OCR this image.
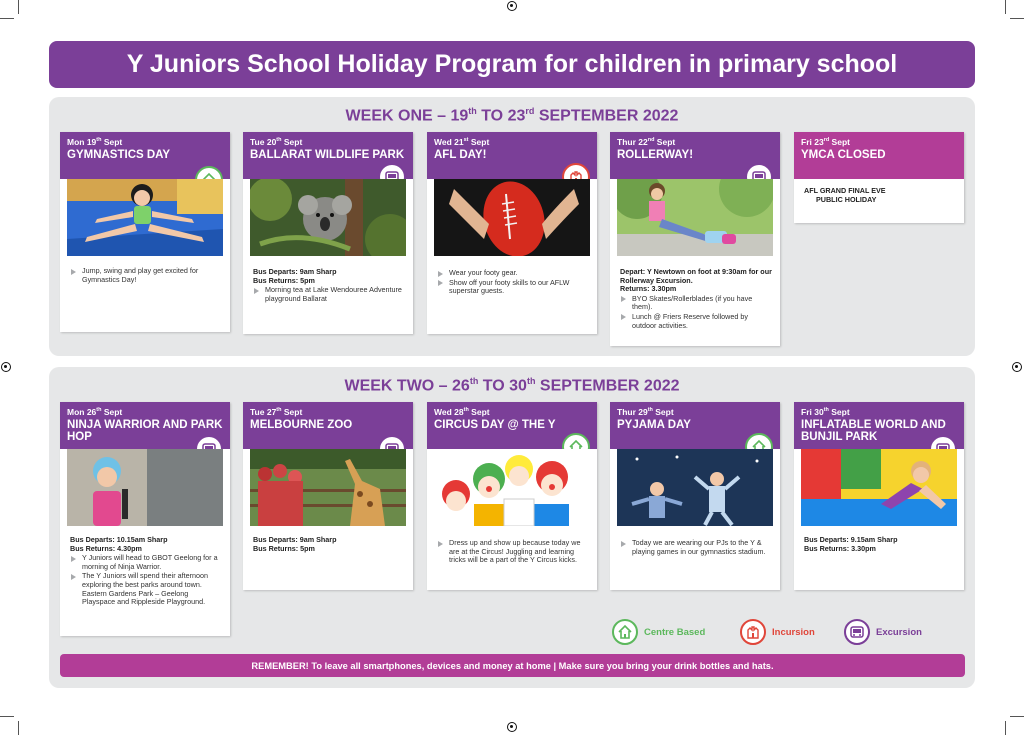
Y Juniors School Holiday Program for children in primary school
WEEK ONE – 19th TO 23rd SEPTEMBER 2022
Mon 19th Sept
GYMNASTICS DAY
Jump, swing and play get excited for Gymnastics Day!
Tue 20th Sept
BALLARAT WILDLIFE PARK
Bus Departs: 9am Sharp
Bus Returns: 5pm
Morning tea at Lake Wendouree Adventure playground Ballarat
Wed 21st Sept
AFL DAY!
Wear your footy gear.
Show off your footy skills to our AFLW superstar guests.
Thur 22nd Sept
ROLLERWAY!
Depart: Y Newtown on foot at 9:30am for our Rollerway Excursion.
Returns: 3.30pm
BYO Skates/Rollerblades (if you have them).
Lunch @ Friers Reserve followed by outdoor activities.
Fri 23rd Sept
YMCA CLOSED
AFL GRAND FINAL EVE
PUBLIC HOLIDAY
WEEK TWO – 26th TO 30th SEPTEMBER 2022
Mon 26th Sept
NINJA WARRIOR AND PARK HOP
Bus Departs: 10.15am Sharp
Bus Returns: 4.30pm
Y Juniors will head to GBOT Geelong for a morning of Ninja Warrior.
The Y Juniors will spend their afternoon exploring the best parks around town. Eastern Gardens Park – Geelong Playspace and Rippleside Playground.
Tue 27th Sept
MELBOURNE ZOO
Bus Departs: 9am Sharp
Bus Returns: 5pm
Wed 28th Sept
CIRCUS DAY @ THE Y
Dress up and show up because today we are at the Circus! Juggling and learning tricks will be a part of the Y Circus kicks.
Thur 29th Sept
PYJAMA DAY
Today we are wearing our PJs to the Y & playing games in our gymnastics stadium.
Fri 30th Sept
INFLATABLE WORLD AND BUNJIL PARK
Bus Departs: 9.15am Sharp
Bus Returns: 3.30pm
Centre Based	Incursion	Excursion
REMEMBER! To leave all smartphones, devices and money at home | Make sure you bring your drink bottles and hats.
